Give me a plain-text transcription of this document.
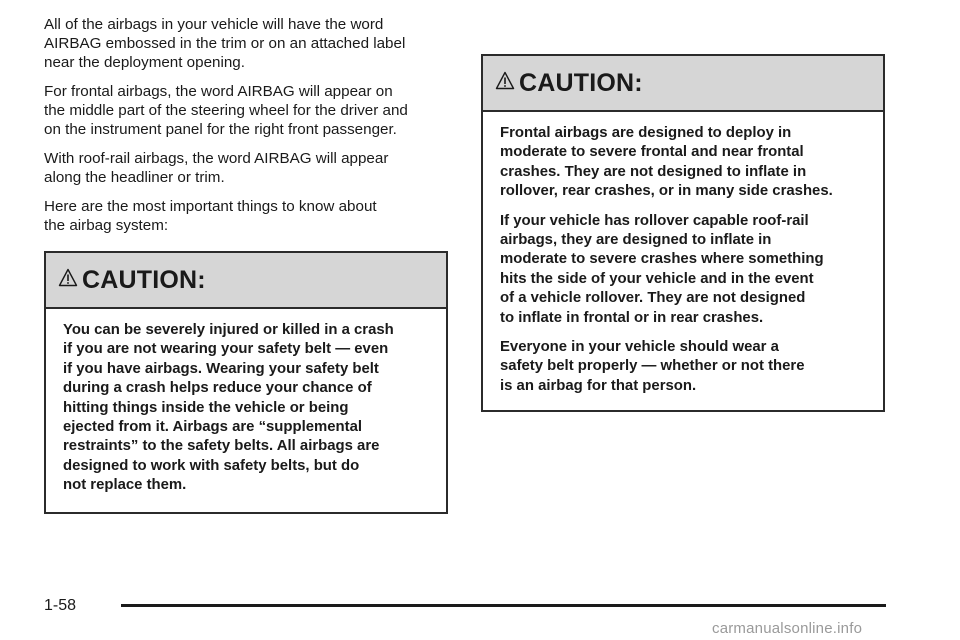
All of the airbags in your vehicle will have the word
AIRBAG embossed in the trim or on an attached label
near the deployment opening.

For frontal airbags, the word AIRBAG will appear on
the middle part of the steering wheel for the driver and
on the instrument panel for the right front passenger.

With roof-rail airbags, the word AIRBAG will appear
along the headliner or trim.

Here are the most important things to know about
the airbag system:

CAUTION:

You can be severely injured or killed in a crash
if you are not wearing your safety belt — even
if you have airbags. Wearing your safety belt
during a crash helps reduce your chance of
hitting things inside the vehicle or being
ejected from it. Airbags are “supplemental
restraints” to the safety belts. All airbags are
designed to work with safety belts, but do
not replace them.

CAUTION:

Frontal airbags are designed to deploy in
moderate to severe frontal and near frontal
crashes. They are not designed to inflate in
rollover, rear crashes, or in many side crashes.

If your vehicle has rollover capable roof-rail
airbags, they are designed to inflate in
moderate to severe crashes where something
hits the side of your vehicle and in the event
of a vehicle rollover. They are not designed
to inflate in frontal or in rear crashes.

Everyone in your vehicle should wear a
safety belt properly — whether or not there
is an airbag for that person.

1-58
carmanualsonline.info
